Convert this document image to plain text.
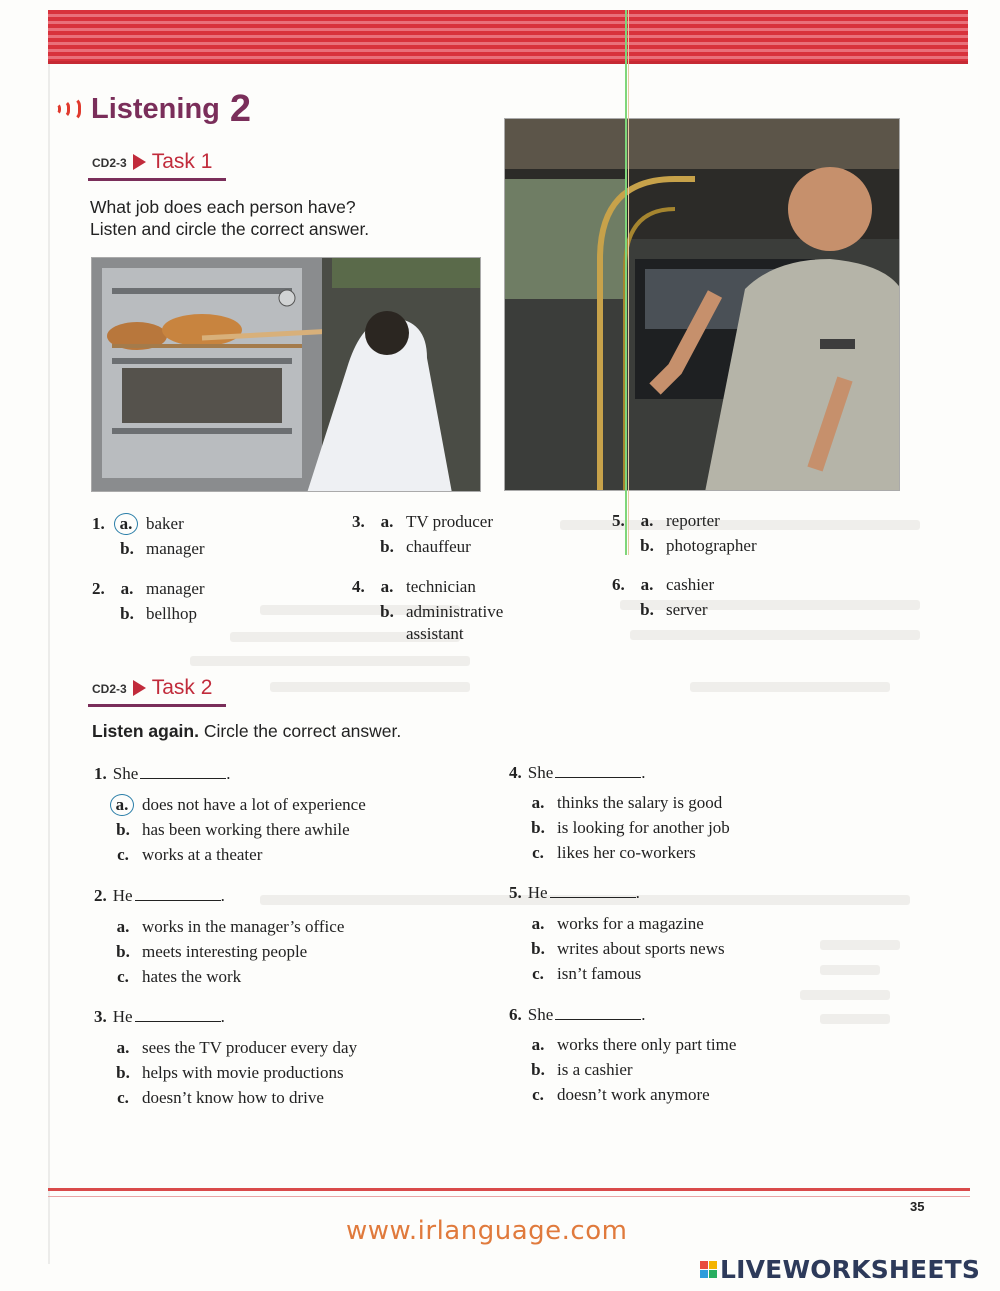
Listening 2
CD2-3 Task 1
What job does each person have?
Listen and circle the correct answer.
1. a. baker
b. manager
2. a. manager
b. bellhop
3. a. TV producer
b. chauffeur
4. a. technician
b. administrative
assistant
5. a. reporter
b. photographer
6. a. cashier
b. server
CD2-3 Task 2
Listen again. Circle the correct answer.
1. She	.
a. does not have a lot of experience
b. has been working there awhile
c. works at a theater
2. He	.
a. works in the manager’s office
b. meets interesting people
c. hates the work
3. He	.
a. sees the TV producer every day
b. helps with movie productions
c. doesn’t know how to drive
4. She	.
a. thinks the salary is good
b. is looking for another job
c. likes her co-workers
5. He	.
a. works for a magazine
b. writes about sports news
c. isn’t famous
6. She	.
a. works there only part time
b. is a cashier
c. doesn’t work anymore
35
www.irlanguage.com
LIVEWORKSHEETS
